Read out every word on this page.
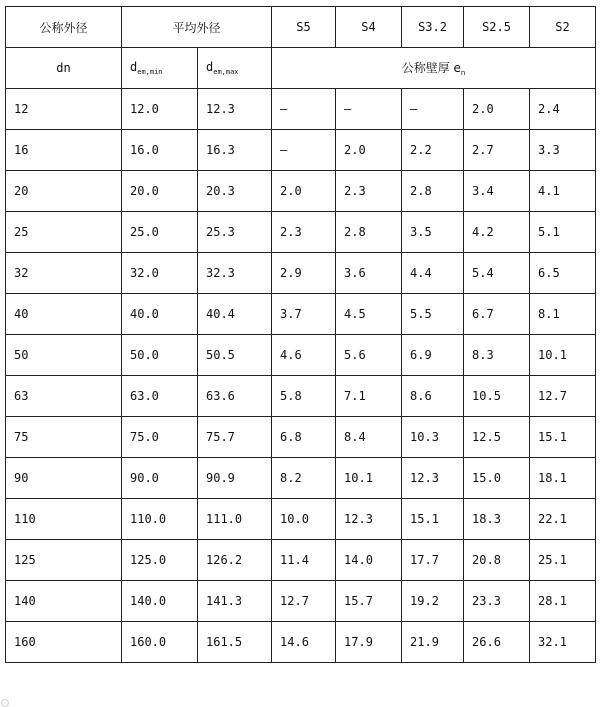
公称外径	平均外径		S5	S4	S3.2	S2.5	S2
dn	$d_{em,min}$	$d_{em,max}$	公称壁厚 $e_n$
12	12.0	12.3	—	—	—	2.0	2.4
16	16.0	16.3	—	2.0	2.2	2.7	3.3
20	20.0	20.3	2.0	2.3	2.8	3.4	4.1
25	25.0	25.3	2.3	2.8	3.5	4.2	5.1
32	32.0	32.3	2.9	3.6	4.4	5.4	6.5
40	40.0	40.4	3.7	4.5	5.5	6.7	8.1
50	50.0	50.5	4.6	5.6	6.9	8.3	10.1
63	63.0	63.6	5.8	7.1	8.6	10.5	12.7
75	75.0	75.7	6.8	8.4	10.3	12.5	15.1
90	90.0	90.9	8.2	10.1	12.3	15.0	18.1
110	110.0	111.0	10.0	12.3	15.1	18.3	22.1
125	125.0	126.2	11.4	14.0	17.7	20.8	25.1
140	140.0	141.3	12.7	15.7	19.2	23.3	28.1
160	160.0	161.5	14.6	17.9	21.9	26.6	32.1
